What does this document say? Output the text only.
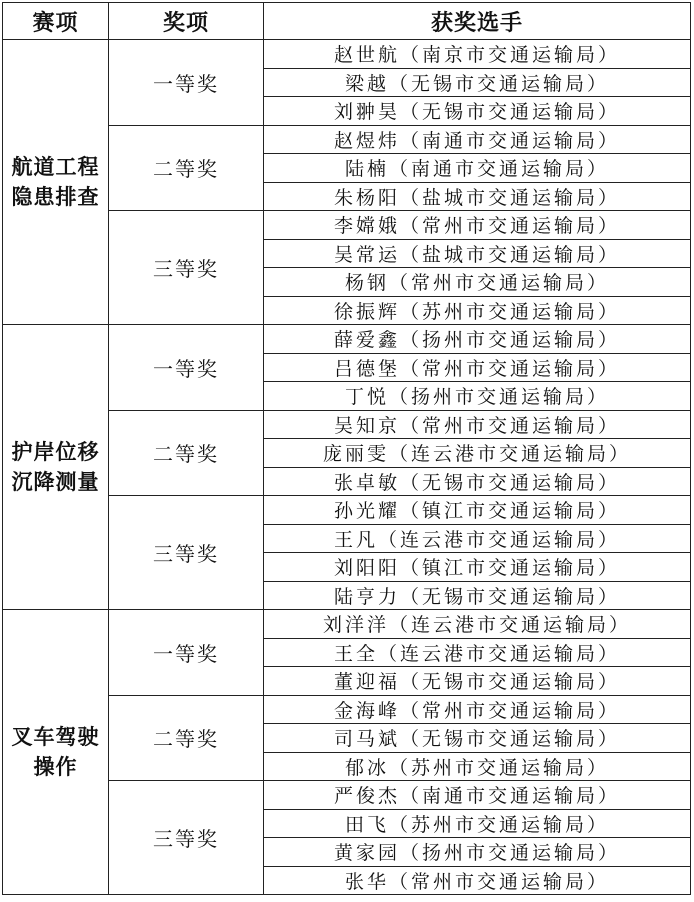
赛项	奖项	获奖选手

航道工程
隐患排查	一等奖	赵世航（南京市交通运输局）
		梁越（无锡市交通运输局）
		刘翀昊（无锡市交通运输局）
	二等奖	赵煜炜（南通市交通运输局）
		陆楠（南通市交通运输局）
		朱杨阳（盐城市交通运输局）
	三等奖	李嫦娥（常州市交通运输局）
		吴常运（盐城市交通运输局）
		杨钢（常州市交通运输局）
		徐振辉（苏州市交通运输局）

护岸位移
沉降测量	一等奖	薛爱鑫（扬州市交通运输局）
		吕德堡（常州市交通运输局）
		丁悦（扬州市交通运输局）
	二等奖	吴知京（常州市交通运输局）
		庞丽雯（连云港市交通运输局）
		张卓敏（无锡市交通运输局）
	三等奖	孙光耀（镇江市交通运输局）
		王凡（连云港市交通运输局）
		刘阳阳（镇江市交通运输局）
		陆亨力（无锡市交通运输局）

叉车驾驶
操作	一等奖	刘洋洋（连云港市交通运输局）
		王全（连云港市交通运输局）
		董迎福（无锡市交通运输局）
	二等奖	金海峰（常州市交通运输局）
		司马斌（无锡市交通运输局）
		郁冰（苏州市交通运输局）
	三等奖	严俊杰（南通市交通运输局）
		田飞（苏州市交通运输局）
		黄家园（扬州市交通运输局）
		张华（常州市交通运输局）
